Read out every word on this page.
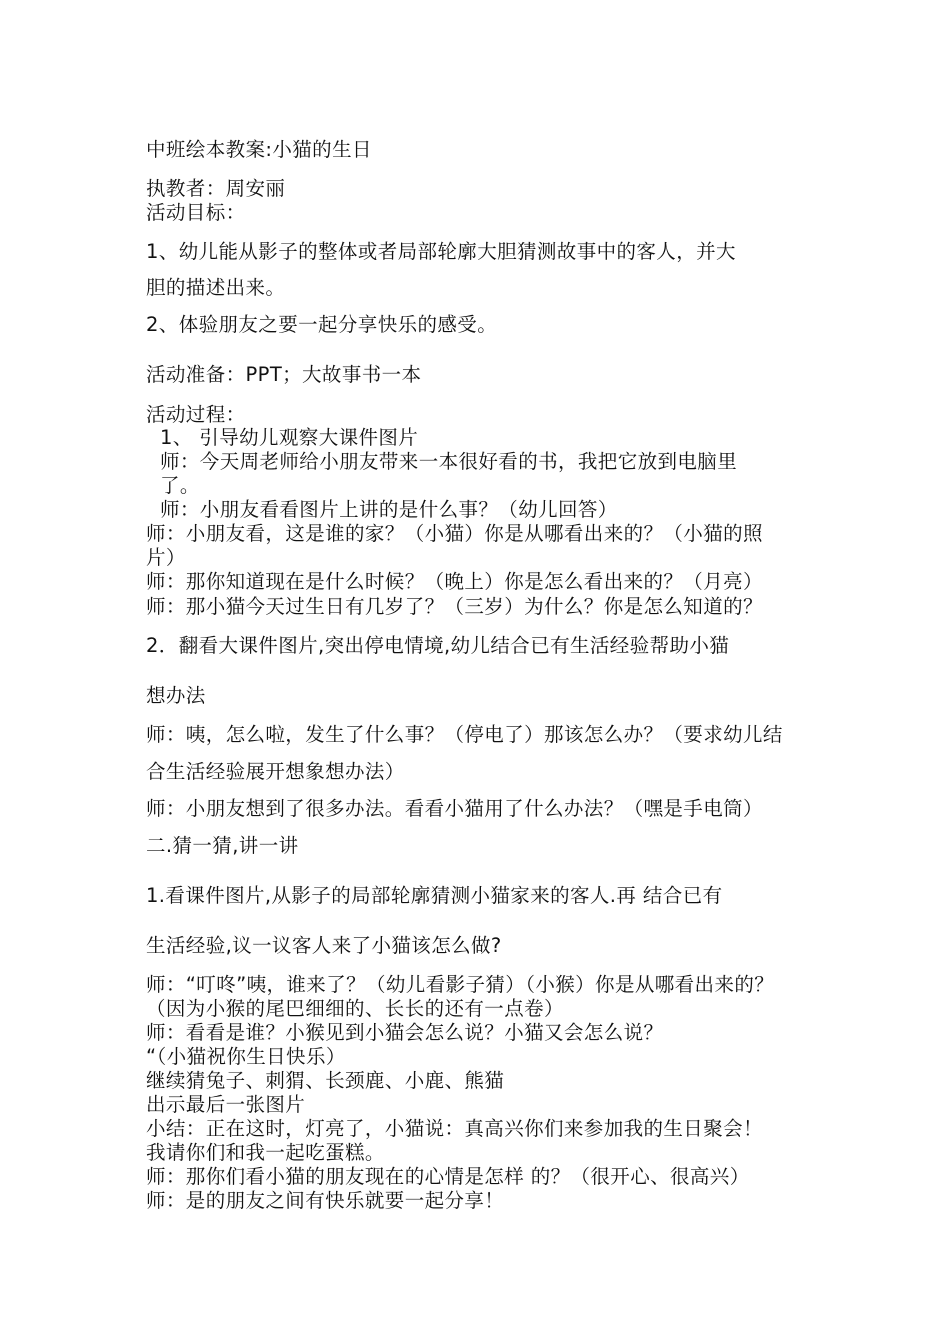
中班绘本教案:小猫的生日
执教者：周安丽
活动目标：
1、幼儿能从影子的整体或者局部轮廓大胆猜测故事中的客人，并大
胆的描述出来。
2、体验朋友之要一起分享快乐的感受。
活动准备：PPT；大故事书一本
活动过程：
1、 引导幼儿观察大课件图片
师：今天周老师给小朋友带来一本很好看的书，我把它放到电脑里
了。
师：小朋友看看图片上讲的是什么事？（幼儿回答）
师：小朋友看，这是谁的家？（小猫）你是从哪看出来的？（小猫的照
片）
师：那你知道现在是什么时候？（晚上）你是怎么看出来的？（月亮）
师：那小猫今天过生日有几岁了？（三岁）为什么？你是怎么知道的？
2．翻看大课件图片,突出停电情境,幼儿结合已有生活经验帮助小猫
想办法
师：咦，怎么啦，发生了什么事？（停电了）那该怎么办？（要求幼儿结
合生活经验展开想象想办法）
师：小朋友想到了很多办法。看看小猫用了什么办法？（嘿是手电筒）
二.猜一猜,讲一讲
1.看课件图片,从影子的局部轮廓猜测小猫家来的客人.再 结合已有
生活经验,议一议客人来了小猫该怎么做?
师：“叮咚”咦，谁来了？（幼儿看影子猜）（小猴）你是从哪看出来的？
（因为小猴的尾巴细细的、长长的还有一点卷）
师：看看是谁？小猴见到小猫会怎么说？小猫又会怎么说？
“（小猫祝你生日快乐）
继续猜兔子、刺猬、长颈鹿、小鹿、熊猫
出示最后一张图片
小结：正在这时，灯亮了，小猫说：真高兴你们来参加我的生日聚会！
我请你们和我一起吃蛋糕。
师：那你们看小猫的朋友现在的心情是怎样 的？（很开心、很高兴）
师：是的朋友之间有快乐就要一起分享！
